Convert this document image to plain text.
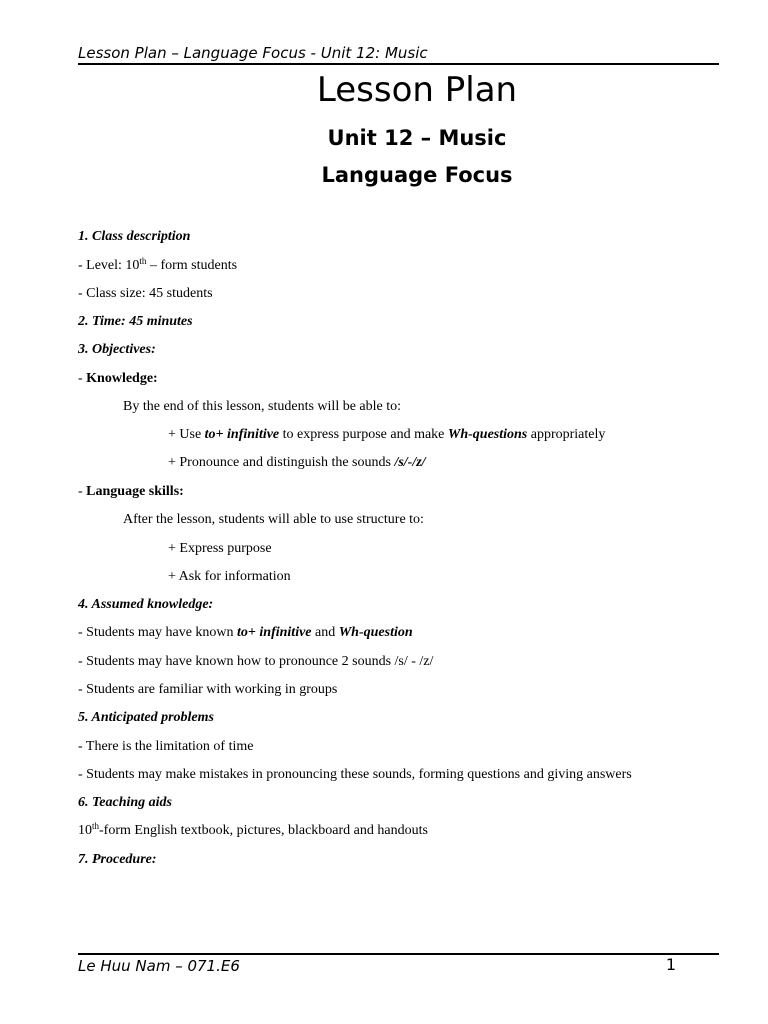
Lesson Plan – Language Focus - Unit 12: Music
Lesson Plan
Unit 12 – Music
Language Focus
1. Class description
- Level: 10th – form students
- Class size: 45 students
2. Time: 45 minutes
3. Objectives:
- Knowledge:
By the end of this lesson, students will be able to:
+ Use to+ infinitive to express purpose and make Wh-questions appropriately
+ Pronounce and distinguish the sounds /s/-/z/
- Language skills:
After the lesson, students will able to use structure to:
+ Express purpose
+ Ask for information
4. Assumed knowledge:
- Students may have known to+ infinitive and Wh-question
- Students may have known how to pronounce 2 sounds /s/ - /z/
- Students are familiar with working in groups
5. Anticipated problems
- There is the limitation of time
- Students may make mistakes in pronouncing these sounds, forming questions and giving answers
6. Teaching aids
10th-form English textbook, pictures, blackboard and handouts
7. Procedure:
Le Huu Nam – 071.E6	1
